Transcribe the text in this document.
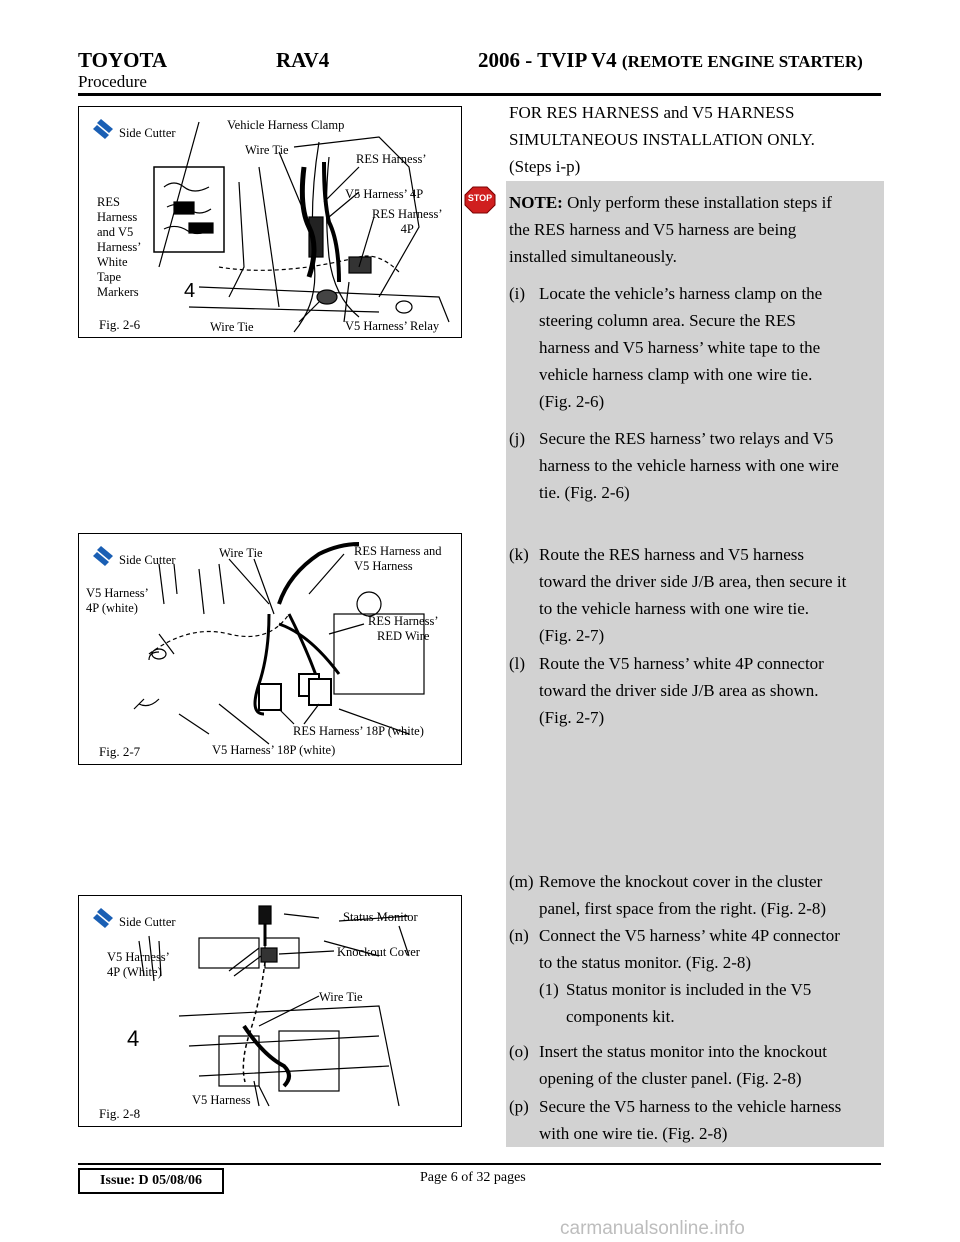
TOYOTA	RAV4	2006 - TVIP V4 (REMOTE ENGINE STARTER)
Procedure
4
Side Cutter
Vehicle Harness Clamp
Wire Tie
RES Harness’
V5 Harness’ 4P
RES Harness’
4P
RES
Harness
and V5
Harness’
White
Tape
Markers
Fig. 2-6	Wire Tie	V5 Harness’ Relay
Side Cutter	Wire Tie	RES Harness and
V5 Harness
V5 Harness’
4P (white)
RES Harness’
RED Wire
RES Harness’ 18P (white)
Fig. 2-7	V5 Harness’ 18P (white)
4
Side Cutter	Status Monitor
V5 Harness’
4P (White)
Knockout Cover
Wire Tie
V5 Harness
Fig. 2-8
FOR RES HARNESS and V5 HARNESS
SIMULTANEOUS INSTALLATION ONLY.
(Steps i-p)
STOP NOTE: Only perform these installation steps if
the RES harness and V5 harness are being
installed simultaneously.
(i) Locate the vehicle’s harness clamp on the
steering column area. Secure the RES
harness and V5 harness’ white tape to the
vehicle harness clamp with one wire tie.
(Fig. 2-6)
(j) Secure the RES harness’ two relays and V5
harness to the vehicle harness with one wire
tie. (Fig. 2-6)
(k) Route the RES harness and V5 harness
toward the driver side J/B area, then secure it
to the vehicle harness with one wire tie.
(Fig. 2-7)
(l) Route the V5 harness’ white 4P connector
toward the driver side J/B area as shown.
(Fig. 2-7)
(m) Remove the knockout cover in the cluster
panel, first space from the right. (Fig. 2-8)
(n) Connect the V5 harness’ white 4P connector
to the status monitor. (Fig. 2-8)
(1) Status monitor is included in the V5
components kit.
(o) Insert the status monitor into the knockout
opening of the cluster panel. (Fig. 2-8)
(p) Secure the V5 harness to the vehicle harness
with one wire tie. (Fig. 2-8)
Issue: D 05/08/06	Page 6 of 32 pages
carmanualsonline.info
